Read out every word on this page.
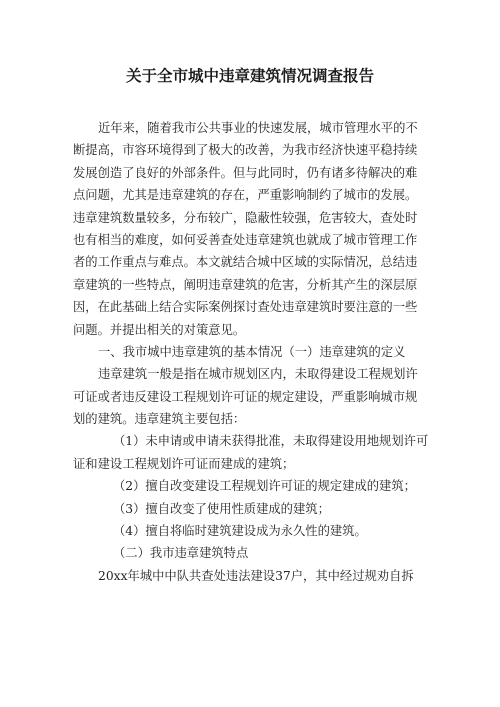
关于全市城中违章建筑情况调查报告
近年来，随着我市公共事业的快速发展，城市管理水平的不
断提高，市容环境得到了极大的改善，为我市经济快速平稳持续
发展创造了良好的外部条件。但与此同时，仍有诸多待解决的难
点问题，尤其是违章建筑的存在，严重影响制约了城市的发展。
违章建筑数量较多，分布较广，隐蔽性较强，危害较大，查处时
也有相当的难度，如何妥善查处违章建筑也就成了城市管理工作
者的工作重点与难点。本文就结合城中区域的实际情况，总结违
章建筑的一些特点，阐明违章建筑的危害，分析其产生的深层原
因，在此基础上结合实际案例探讨查处违章建筑时要注意的一些
问题。并提出相关的对策意见。
一、我市城中违章建筑的基本情况（一）违章建筑的定义
违章建筑一般是指在城市规划区内，未取得建设工程规划许
可证或者违反建设工程规划许可证的规定建设，严重影响城市规
划的建筑。违章建筑主要包括：
（1）未申请或申请未获得批准，未取得建设用地规划许可
证和建设工程规划许可证而建成的建筑；
（2）擅自改变建设工程规划许可证的规定建成的建筑；
（3）擅自改变了使用性质建成的建筑；
（4）擅自将临时建筑建设成为永久性的建筑。
（二）我市违章建筑特点
20xx年城中中队共查处违法建设37户，其中经过规劝自拆
